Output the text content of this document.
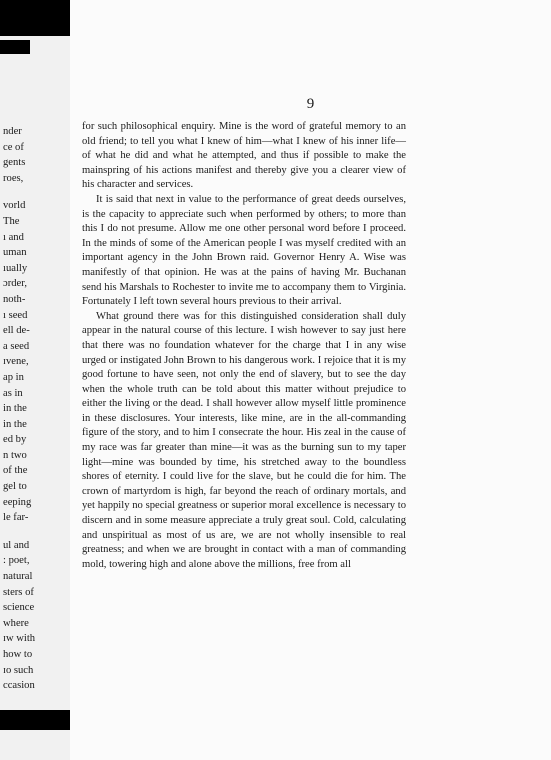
nder
ce of
gents
roes,
vorld
The
ı and
uman
ıually
ɔrder,
noth-
ı seed
ell de-
a seed
ɪvene,
ap in
as in
in the
in the
ed by
n two
of the
gel to
eeping
le far-
ul and
: poet,
natural
sters of
science
where
ɪw with
how to
ɪo such
ccasion
9

for such philosophical enquiry. Mine is the word of grateful memory to an old friend; to tell you what I knew of him—what I knew of his inner life—of what he did and what he attempted, and thus if possible to make the mainspring of his actions manifest and thereby give you a clearer view of his character and services.

It is said that next in value to the performance of great deeds ourselves, is the capacity to appreciate such when performed by others; to more than this I do not presume. Allow me one other personal word before I proceed. In the minds of some of the American people I was myself credited with an important agency in the John Brown raid. Governor Henry A. Wise was manifestly of that opinion. He was at the pains of having Mr. Buchanan send his Marshals to Rochester to invite me to accompany them to Virginia. Fortunately I left town several hours previous to their arrival.

What ground there was for this distinguished consideration shall duly appear in the natural course of this lecture. I wish however to say just here that there was no foundation whatever for the charge that I in any wise urged or instigated John Brown to his dangerous work. I rejoice that it is my good fortune to have seen, not only the end of slavery, but to see the day when the whole truth can be told about this matter without prejudice to either the living or the dead. I shall however allow myself little prominence in these disclosures. Your interests, like mine, are in the all-commanding figure of the story, and to him I consecrate the hour. His zeal in the cause of my race was far greater than mine—it was as the burning sun to my taper light—mine was bounded by time, his stretched away to the boundless shores of eternity. I could live for the slave, but he could die for him. The crown of martyrdom is high, far beyond the reach of ordinary mortals, and yet happily no special greatness or superior moral excellence is necessary to discern and in some measure appreciate a truly great soul. Cold, calculating and unspiritual as most of us are, we are not wholly insensible to real greatness; and when we are brought in contact with a man of commanding mold, towering high and alone above the millions, free from all
